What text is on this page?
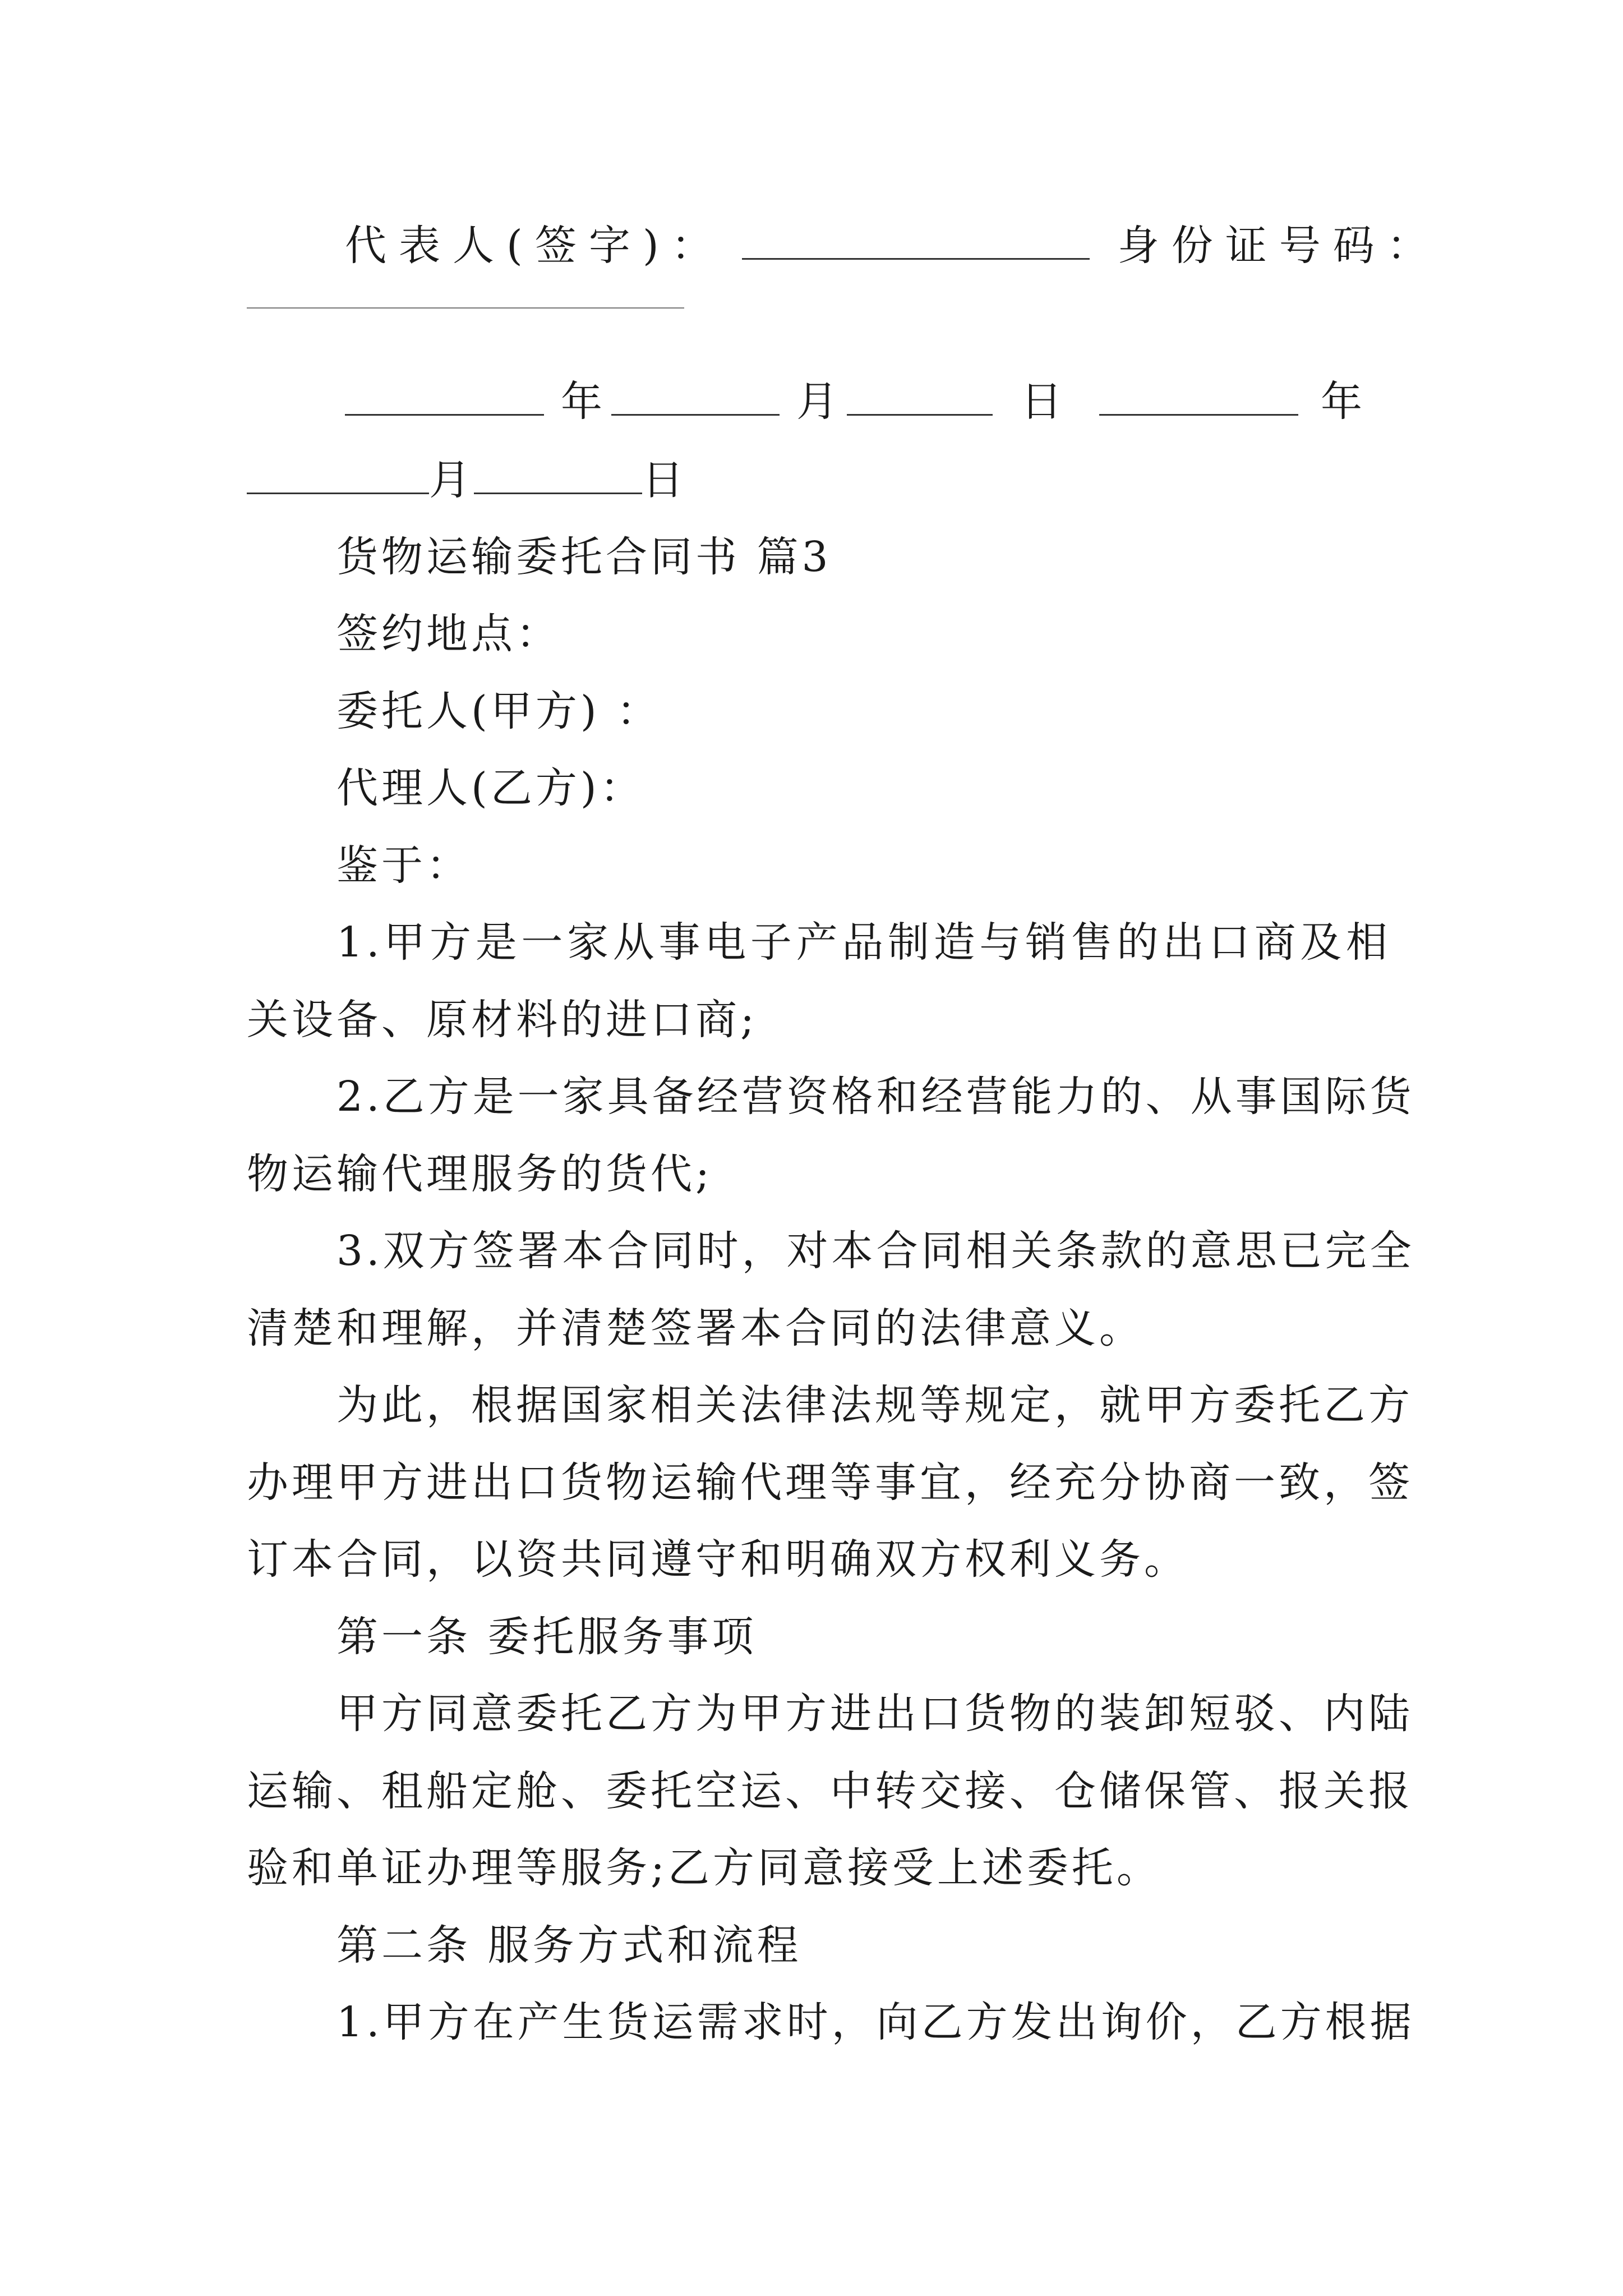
代表人(签字)：	身份证号码：
年	月	日	年
月	日
货物运输委托合同书 篇3
签约地点：
委托人(甲方) ：
代理人(乙方)：
鉴于：
1.甲方是一家从事电子产品制造与销售的出口商及相
关设备、原材料的进口商;
2.乙方是一家具备经营资格和经营能力的、从事国际货
物运输代理服务的货代;
3.双方签署本合同时，对本合同相关条款的意思已完全
清楚和理解，并清楚签署本合同的法律意义。
为此，根据国家相关法律法规等规定，就甲方委托乙方
办理甲方进出口货物运输代理等事宜，经充分协商一致，签
订本合同，以资共同遵守和明确双方权利义务。
第一条 委托服务事项
甲方同意委托乙方为甲方进出口货物的装卸短驳、内陆
运输、租船定舱、委托空运、中转交接、仓储保管、报关报
验和单证办理等服务;乙方同意接受上述委托。
第二条 服务方式和流程
1.甲方在产生货运需求时，向乙方发出询价，乙方根据
